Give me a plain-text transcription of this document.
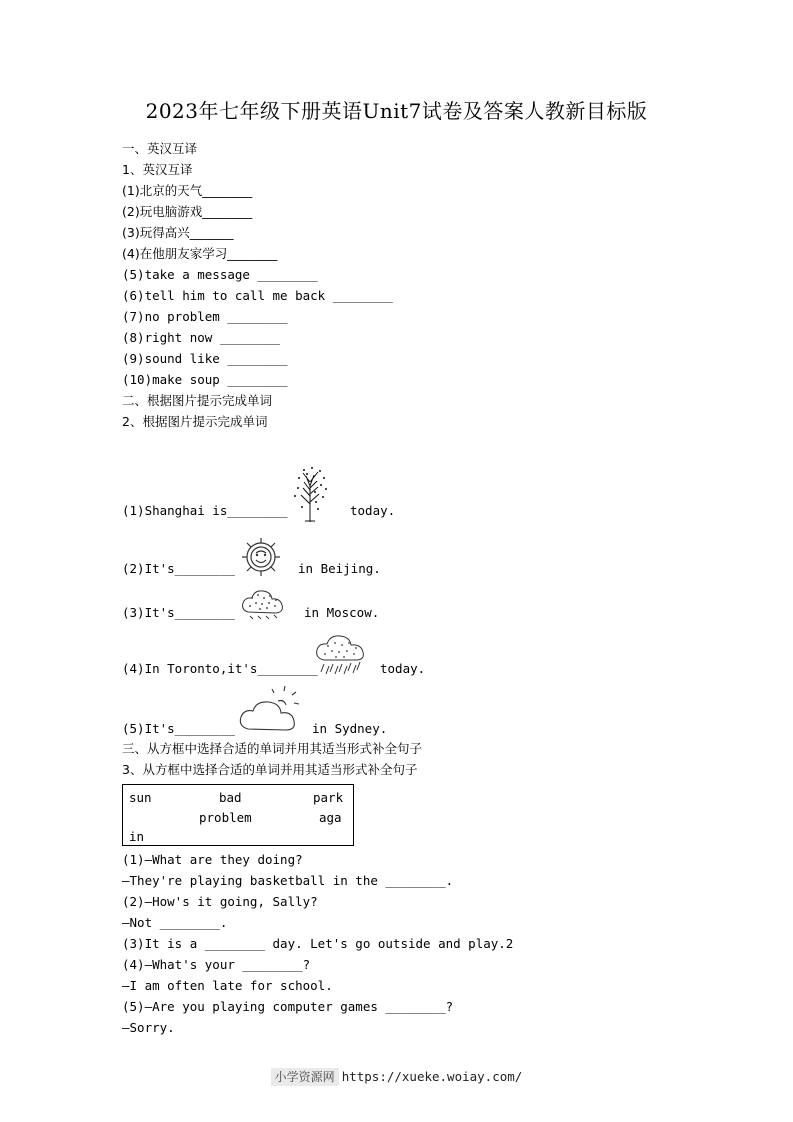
2023年七年级下册英语Unit7试卷及答案人教新目标版
一、英汉互译
1、英汉互译
(1)北京的天气________
(2)玩电脑游戏________
(3)玩得高兴_______
(4)在他朋友家学习________
(5)take a message ________
(6)tell him to call me back ________
(7)no problem ________
(8)right now ________
(9)sound like ________
(10)make soup ________
二、根据图片提示完成单词
2、根据图片提示完成单词
(1)Shanghai is________	today.
(2)It's________	in Beijing.
(3)It's________	in Moscow.
(4)In Toronto,it's________	today.
(5)It's________	in Sydney.
三、从方框中选择合适的单词并用其适当形式补全句子
3、从方框中选择合适的单词并用其适当形式补全句子
sun	bad	park
problem	aga
in
(1)—What are they doing?
—They're playing basketball in the ________.
(2)—How's it going, Sally?
—Not ________.
(3)It is a ________ day. Let's go outside and play.2
(4)—What's your ________?
—I am often late for school.
(5)—Are you playing computer games ________?
—Sorry.
小学资源网 https://xueke.woiay.com/
